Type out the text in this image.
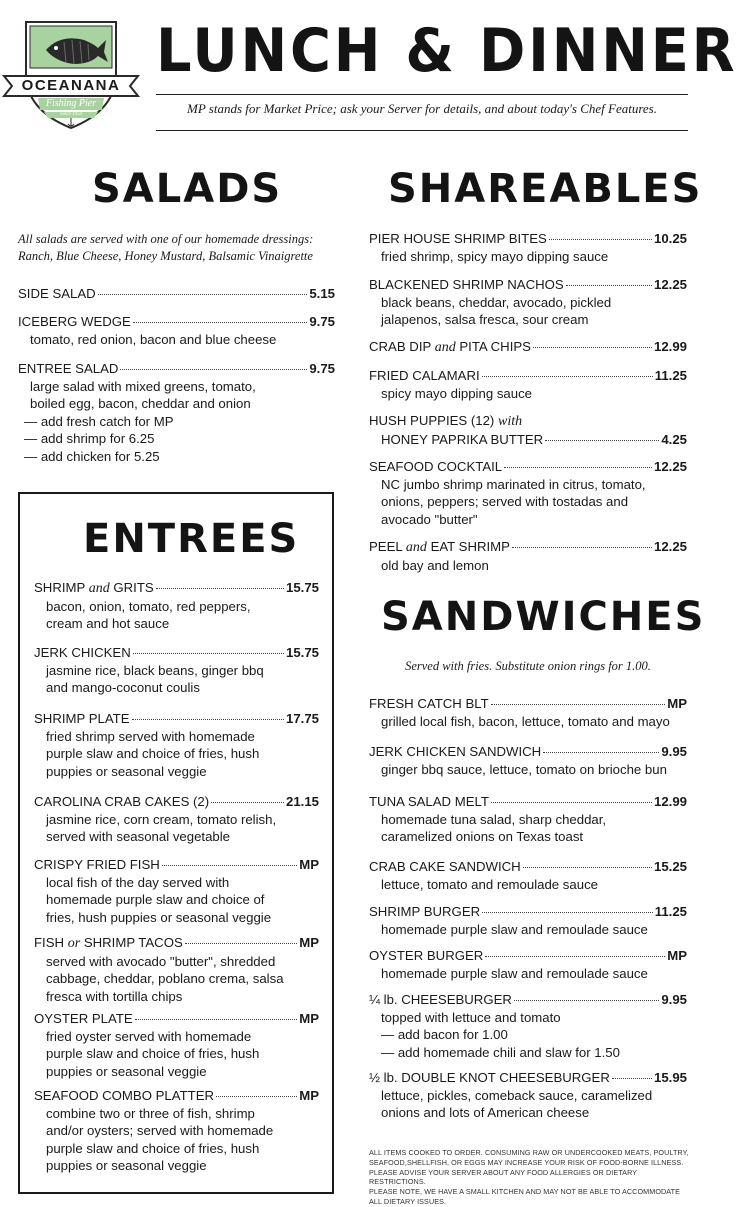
OCEANANA
Fishing Pier
Since 1959
LUNCH & DINNER
MP stands for Market Price; ask your Server for details, and about today's Chef Features.
SALADS
All salads are served with one of our homemade dressings:
Ranch, Blue Cheese, Honey Mustard, Balsamic Vinaigrette
SIDE SALAD	5.15
ICEBERG WEDGE	9.75
tomato, red onion, bacon and blue cheese
ENTREE SALAD	9.75
large salad with mixed greens, tomato,
boiled egg, bacon, cheddar and onion
— add fresh catch for MP
— add shrimp for 6.25
— add chicken for 5.25
ENTREES
SHRIMP and GRITS	15.75
bacon, onion, tomato, red peppers,
cream and hot sauce
JERK CHICKEN	15.75
jasmine rice, black beans, ginger bbq
and mango-coconut coulis
SHRIMP PLATE	17.75
fried shrimp served with homemade
purple slaw and choice of fries, hush
puppies or seasonal veggie
CAROLINA CRAB CAKES (2)	21.15
jasmine rice, corn cream, tomato relish,
served with seasonal vegetable
CRISPY FRIED FISH	MP
local fish of the day served with
homemade purple slaw and choice of
fries, hush puppies or seasonal veggie
FISH or SHRIMP TACOS	MP
served with avocado "butter", shredded
cabbage, cheddar, poblano crema, salsa
fresca with tortilla chips
OYSTER PLATE	MP
fried oyster served with homemade
purple slaw and choice of fries, hush
puppies or seasonal veggie
SEAFOOD COMBO PLATTER	MP
combine two or three of fish, shrimp
and/or oysters; served with homemade
purple slaw and choice of fries, hush
puppies or seasonal veggie
SHAREABLES
PIER HOUSE SHRIMP BITES	10.25
fried shrimp, spicy mayo dipping sauce
BLACKENED SHRIMP NACHOS	12.25
black beans, cheddar, avocado, pickled
jalapenos, salsa fresca, sour cream
CRAB DIP and PITA CHIPS	12.99
FRIED CALAMARI	11.25
spicy mayo dipping sauce
HUSH PUPPIES (12) with
HONEY PAPRIKA BUTTER	4.25
SEAFOOD COCKTAIL	12.25
NC jumbo shrimp marinated in citrus, tomato,
onions, peppers; served with tostadas and
avocado "butter"
PEEL and EAT SHRIMP	12.25
old bay and lemon
SANDWICHES
Served with fries. Substitute onion rings for 1.00.
FRESH CATCH BLT	MP
grilled local fish, bacon, lettuce, tomato and mayo
JERK CHICKEN SANDWICH	9.95
ginger bbq sauce, lettuce, tomato on brioche bun
TUNA SALAD MELT	12.99
homemade tuna salad, sharp cheddar,
caramelized onions on Texas toast
CRAB CAKE SANDWICH	15.25
lettuce, tomato and remoulade sauce
SHRIMP BURGER	11.25
homemade purple slaw and remoulade sauce
OYSTER BURGER	MP
homemade purple slaw and remoulade sauce
¼ lb. CHEESEBURGER	9.95
topped with lettuce and tomato
— add bacon for 1.00
— add homemade chili and slaw for 1.50
½ lb. DOUBLE KNOT CHEESEBURGER	15.95
lettuce, pickles, comeback sauce, caramelized
onions and lots of American cheese
ALL ITEMS COOKED TO ORDER. CONSUMING RAW OR UNDERCOOKED MEATS, POULTRY,
SEAFOOD,SHELLFISH, OR EGGS MAY INCREASE YOUR RISK OF FOOD-BORNE ILLNESS.
PLEASE ADVISE YOUR SERVER ABOUT ANY FOOD ALLERGIES OR DIETARY RESTRICTIONS.
PLEASE NOTE, WE HAVE A SMALL KITCHEN AND MAY NOT BE ABLE TO ACCOMMODATE
ALL DIETARY ISSUES.
